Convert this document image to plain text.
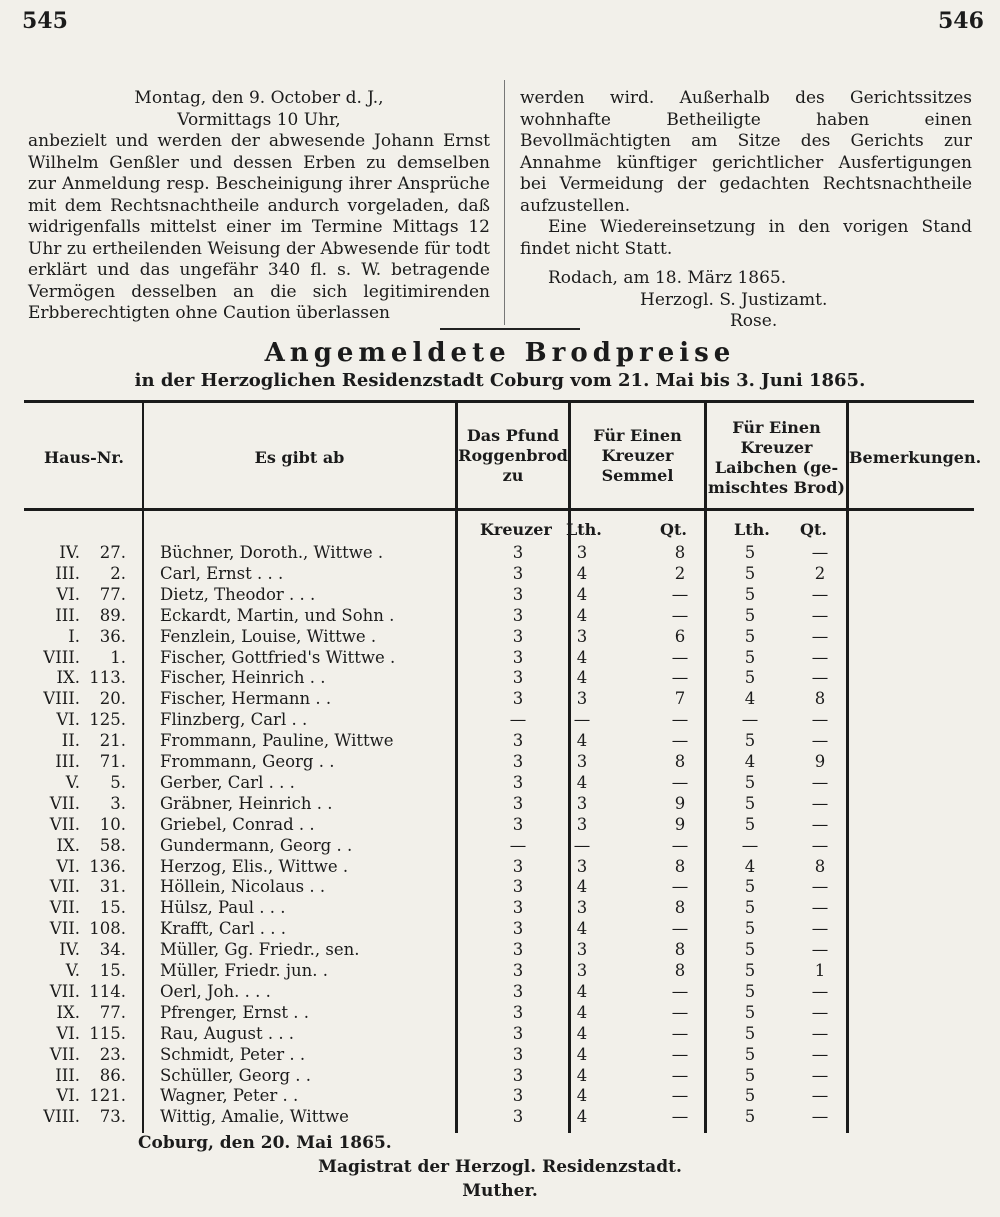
545	546

Montag, den 9. October d. J.,

Vormittags 10 Uhr,

anbezielt und werden der abwesende Johann Ernst Wilhelm Genßler und dessen Erben zu demselben zur Anmeldung resp. Bescheinigung ihrer Ansprüche mit dem Rechtsnachtheile andurch vorgeladen, daß widrigenfalls mittelst einer im Termine Mittags 12 Uhr zu ertheilenden Weisung der Abwesende für todt erklärt und das ungefähr 340 fl. s. W. betragende Vermögen desselben an die sich legitimirenden Erbberechtigten ohne Caution überlassen

werden wird. Außerhalb des Gerichtssitzes wohnhafte Betheiligte haben einen Bevollmächtigten am Sitze des Gerichts zur Annahme künftiger gerichtlicher Ausfertigungen bei Vermeidung der gedachten Rechtsnachtheile aufzustellen.

Eine Wiedereinsetzung in den vorigen Stand findet nicht Statt.

Rodach, am 18. März 1865.

Herzogl. S. Justizamt.

Rose.

Angemeldete Brodpreise
in der Herzoglichen Residenzstadt Coburg vom 21. Mai bis 3. Juni 1865.
Haus-Nr.	Es gibt ab
Das Pfund
Roggenbrod
zu
Für Einen
Kreuzer
Semmel
Für Einen
Kreuzer
Laibchen (ge-
mischtes Brod)
Bemerkungen.
Kreuzer Lth.	Qt.	Lth. Qt.
IV.	27. Büchner, Doroth., Wittwe .	3	3	8	5	—
III.	2. Carl, Ernst . . .	3	4	2	5	2
VI.	77. Dietz, Theodor . . .	3	4	—	5	—
III.	89. Eckardt, Martin, und Sohn .	3	4	—	5	—
I.	36. Fenzlein, Louise, Wittwe .	3	3	6	5	—
VIII.	1. Fischer, Gottfried's Wittwe .	3	4	—	5	—
IX. 113. Fischer, Heinrich . .	3	4	—	5	—
VIII.	20. Fischer, Hermann . .	3	3	7	4	8
VI. 125. Flinzberg, Carl . .	—	—	—	—	—
II.	21. Frommann, Pauline, Wittwe	3	4	—	5	—
III.	71. Frommann, Georg . .	3	3	8	4	9
V.	5. Gerber, Carl . . .	3	4	—	5	—
VII.	3. Gräbner, Heinrich . .	3	3	9	5	—
VII.	10. Griebel, Conrad . .	3	3	9	5	—
IX.	58. Gundermann, Georg . .	—	—	—	—	—
VI. 136. Herzog, Elis., Wittwe .	3	3	8	4	8
VII.	31. Höllein, Nicolaus . .	3	4	—	5	—
VII.	15. Hülsz, Paul . . .	3	3	8	5	—
VII. 108. Krafft, Carl . . .	3	4	—	5	—
IV.	34. Müller, Gg. Friedr., sen.	3	3	8	5	—
V.	15. Müller, Friedr. jun. .	3	3	8	5	1
VII. 114. Oerl, Joh. . . .	3	4	—	5	—
IX.	77. Pfrenger, Ernst . .	3	4	—	5	—
VI. 115. Rau, August . . .	3	4	—	5	—
VII.	23. Schmidt, Peter . .	3	4	—	5	—
III.	86. Schüller, Georg . .	3	4	—	5	—
VI. 121. Wagner, Peter . .	3	4	—	5	—
VIII.	73. Wittig, Amalie, Wittwe	3	4	—	5	—
Coburg, den 20. Mai 1865.
Magistrat der Herzogl. Residenzstadt.
Muther.
